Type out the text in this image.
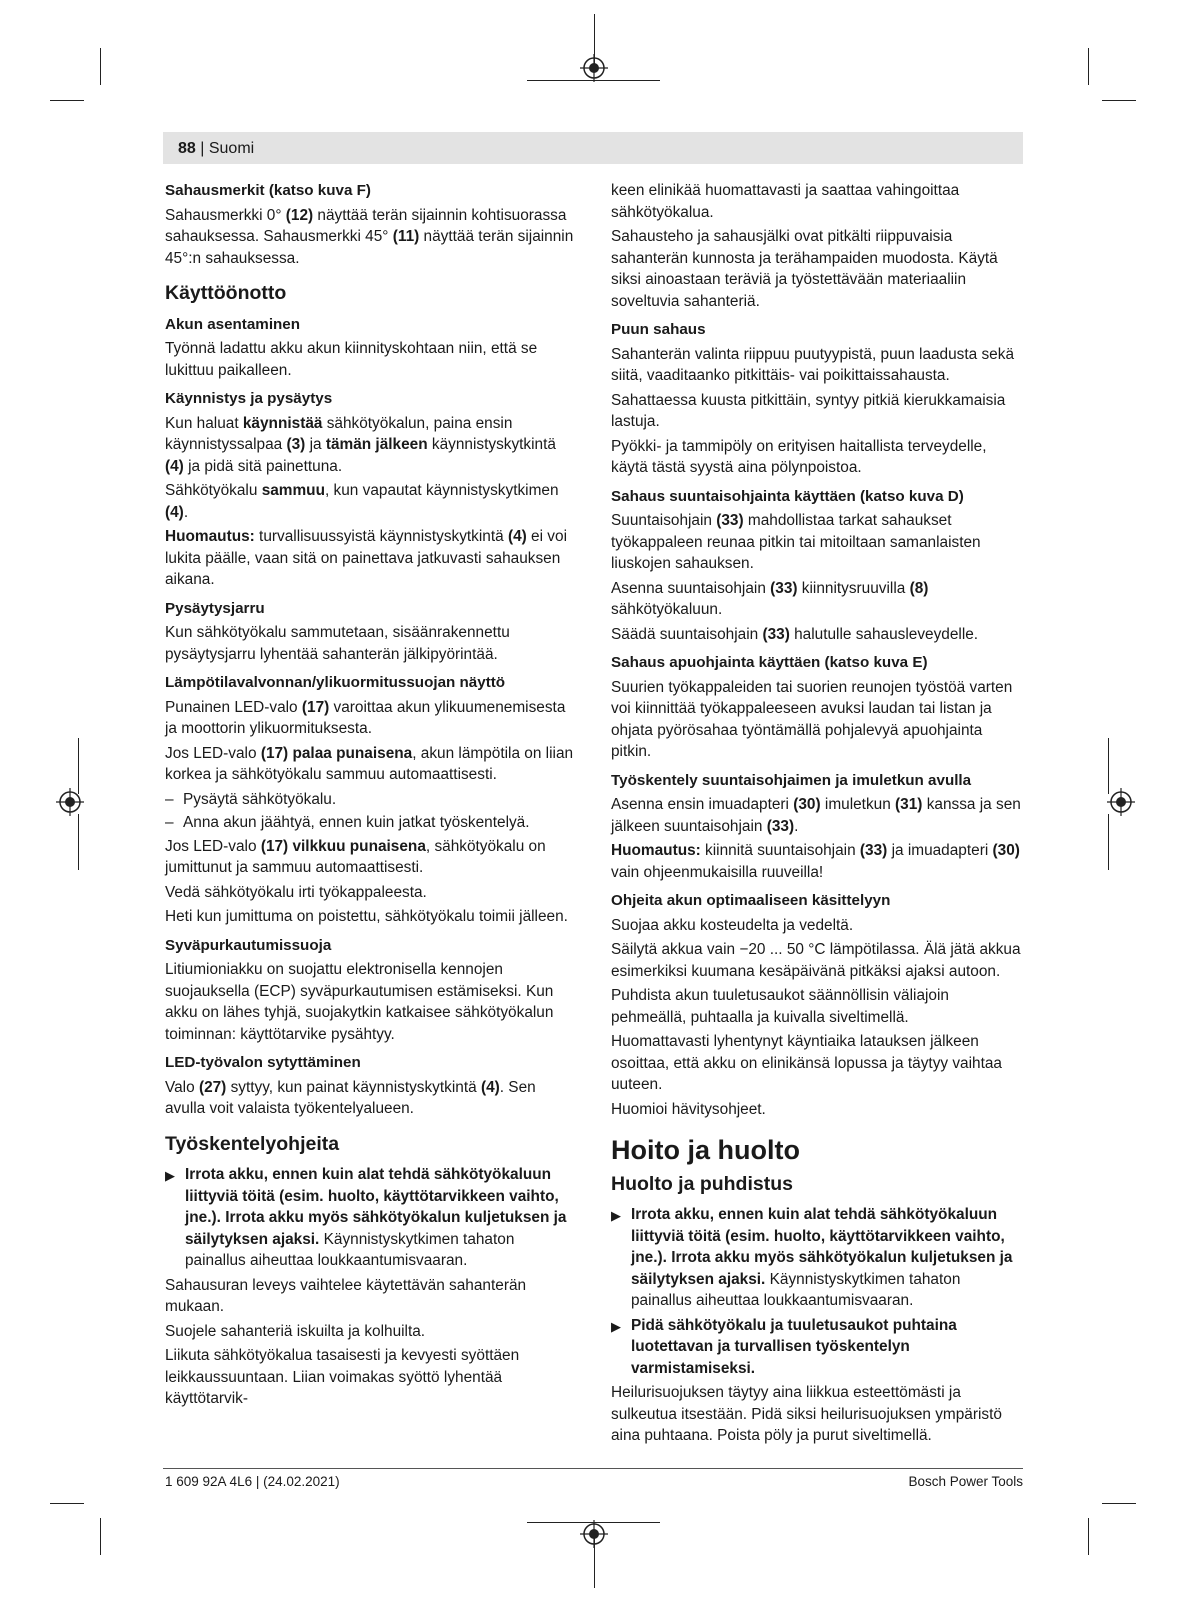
88 | Suomi

Sahausmerkit (katso kuva F)

Sahausmerkki 0° (12) näyttää terän sijainnin kohtisuorassa sahauksessa. Sahausmerkki 45° (11) näyttää terän sijainnin 45°:n sahauksessa.

Käyttöönotto

Akun asentaminen

Työnnä ladattu akku akun kiinnityskohtaan niin, että se lukittuu paikalleen.

Käynnistys ja pysäytys

Kun haluat käynnistää sähkötyökalun, paina ensin käynnistyssalpaa (3) ja tämän jälkeen käynnistyskytkintä (4) ja pidä sitä painettuna.

Sähkötyökalu sammuu, kun vapautat käynnistyskytkimen (4).

Huomautus: turvallisuussyistä käynnistyskytkintä (4) ei voi lukita päälle, vaan sitä on painettava jatkuvasti sahauksen aikana.

Pysäytysjarru

Kun sähkötyökalu sammutetaan, sisäänrakennettu pysäytysjarru lyhentää sahanterän jälkipyörintää.

Lämpötilavalvonnan/ylikuormitussuojan näyttö

Punainen LED-valo (17) varoittaa akun ylikuumenemisesta ja moottorin ylikuormituksesta.

Jos LED-valo (17) palaa punaisena, akun lämpötila on liian korkea ja sähkötyökalu sammuu automaattisesti.

– Pysäytä sähkötyökalu.
– Anna akun jäähtyä, ennen kuin jatkat työskentelyä.

Jos LED-valo (17) vilkkuu punaisena, sähkötyökalu on jumittunut ja sammuu automaattisesti.

Vedä sähkötyökalu irti työkappaleesta.

Heti kun jumittuma on poistettu, sähkötyökalu toimii jälleen.

Syväpurkautumissuoja

Litiumioniakku on suojattu elektronisella kennojen suojauksella (ECP) syväpurkautumisen estämiseksi. Kun akku on lähes tyhjä, suojakytkin katkaisee sähkötyökalun toiminnan: käyttötarvike pysähtyy.

LED-työvalon sytyttäminen

Valo (27) syttyy, kun painat käynnistyskytkintä (4). Sen avulla voit valaista työkentelyalueen.

Työskentelyohjeita

▶ Irrota akku, ennen kuin alat tehdä sähkötyökaluun liittyviä töitä (esim. huolto, käyttötarvikkeen vaihto, jne.). Irrota akku myös sähkötyökalun kuljetuksen ja säilytyksen ajaksi. Käynnistyskytkimen tahaton painallus aiheuttaa loukkaantumisvaaran.

Sahausuran leveys vaihtelee käytettävän sahanterän mukaan.

Suojele sahanteriä iskuilta ja kolhuilta.

Liikuta sähkötyökalua tasaisesti ja kevyesti syöttäen leikkaussuuntaan. Liian voimakas syöttö lyhentää käyttötarvik-

keen elinikää huomattavasti ja saattaa vahingoittaa sähkötyökalua.

Sahausteho ja sahausjälki ovat pitkälti riippuvaisia sahanterän kunnosta ja terähampaiden muodosta. Käytä siksi ainoastaan teräviä ja työstettävään materiaaliin soveltuvia sahanteriä.

Puun sahaus

Sahanterän valinta riippuu puutyypistä, puun laadusta sekä siitä, vaaditaanko pitkittäis- vai poikittaissahausta.

Sahattaessa kuusta pitkittäin, syntyy pitkiä kierukkamaisia lastuja.

Pyökki- ja tammipöly on erityisen haitallista terveydelle, käytä tästä syystä aina pölynpoistoa.

Sahaus suuntaisohjainta käyttäen (katso kuva D)

Suuntaisohjain (33) mahdollistaa tarkat sahaukset työkappaleen reunaa pitkin tai mitoiltaan samanlaisten liuskojen sahauksen.

Asenna suuntaisohjain (33) kiinnitysruuvilla (8) sähkötyökaluun.

Säädä suuntaisohjain (33) halutulle sahausleveydelle.

Sahaus apuohjainta käyttäen (katso kuva E)

Suurien työkappaleiden tai suorien reunojen työstöä varten voi kiinnittää työkappaleeseen avuksi laudan tai listan ja ohjata pyörösahaa työntämällä pohjalevyä apuohjainta pitkin.

Työskentely suuntaisohjaimen ja imuletkun avulla

Asenna ensin imuadapteri (30) imuletkun (31) kanssa ja sen jälkeen suuntaisohjain (33).

Huomautus: kiinnitä suuntaisohjain (33) ja imuadapteri (30) vain ohjeenmukaisilla ruuveilla!

Ohjeita akun optimaaliseen käsittelyyn

Suojaa akku kosteudelta ja vedeltä.

Säilytä akkua vain −20 ... 50 °C lämpötilassa. Älä jätä akkua esimerkiksi kuumana kesäpäivänä pitkäksi ajaksi autoon.

Puhdista akun tuuletusaukot säännöllisin väliajoin pehmeällä, puhtaalla ja kuivalla siveltimellä.

Huomattavasti lyhentynyt käyntiaika latauksen jälkeen osoittaa, että akku on elinikänsä lopussa ja täytyy vaihtaa uuteen.

Huomioi hävitysohjeet.

Hoito ja huolto

Huolto ja puhdistus

▶ Irrota akku, ennen kuin alat tehdä sähkötyökaluun liittyviä töitä (esim. huolto, käyttötarvikkeen vaihto, jne.). Irrota akku myös sähkötyökalun kuljetuksen ja säilytyksen ajaksi. Käynnistyskytkimen tahaton painallus aiheuttaa loukkaantumisvaaran.
▶ Pidä sähkötyökalu ja tuuletusaukot puhtaina luotettavan ja turvallisen työskentelyn varmistamiseksi.

Heilurisuojuksen täytyy aina liikkua esteettömästi ja sulkeutua itsestään. Pidä siksi heilurisuojuksen ympäristö aina puhtaana. Poista pöly ja purut siveltimellä.

1 609 92A 4L6 | (24.02.2021)	Bosch Power Tools
